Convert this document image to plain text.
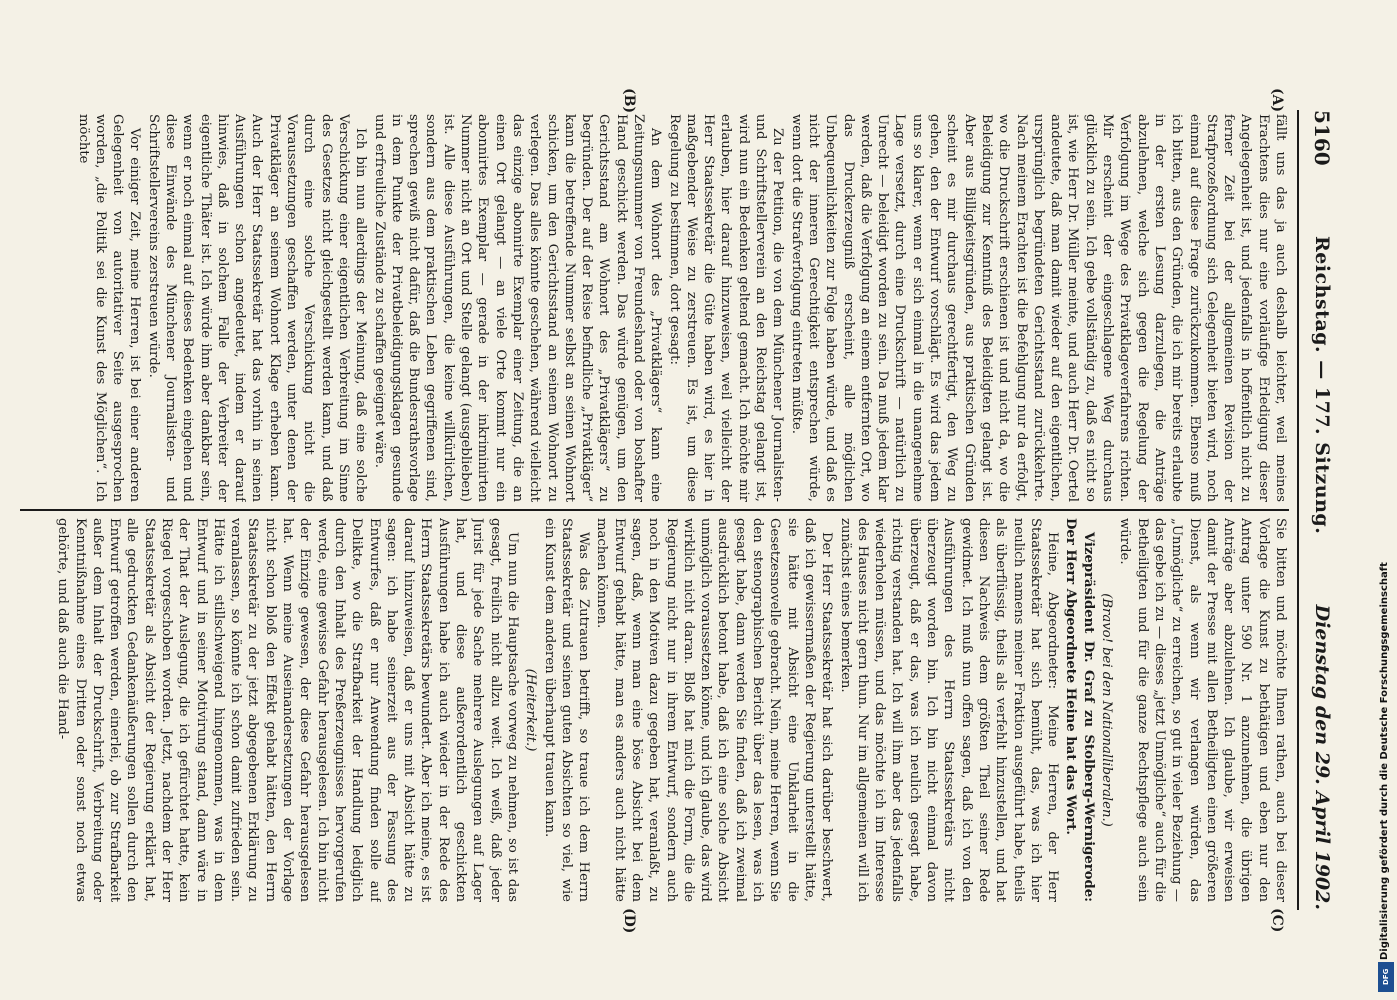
5160
Reichstag. — 177. Sitzung.
Dienstag den 29. April 1902.
(A)
(B)
(C)
(D)

fällt uns das ja auch deshalb leichter, weil meines Erachtens dies nur eine vorläufige Erledigung dieser Angelegenheit ist, und jedenfalls in hoffentlich nicht zu ferner Zeit bei der allgemeinen Revision der Strafprozeßordnung sich Gelegenheit bieten wird, noch einmal auf diese Frage zurückzukommen. Ebenso muß ich bitten, aus den Gründen, die ich mir bereits erlaubte in der ersten Lesung darzulegen, die Anträge abzulehnen, welche sich gegen die Regelung der Verfolgung im Wege des Privatklageverfahrens richten. Mir erscheint der eingeschlagene Weg durchaus glücklich zu sein. Ich gebe vollständig zu, daß es nicht so ist, wie Herr Dr. Müller meinte, und auch Herr Dr. Oertel andeutete, daß man damit wieder auf den eigentlichen, ursprünglich begründeten Gerichtsstand zurückkehrte. Nach meinem Erachten ist die Befehlgung nur da erfolgt, wo die Druckschrift erschienen ist und nicht da, wo die Beleidigung zur Kenntniß des Beleidigten gelangt ist. Aber aus Billigkeitsgründen, aus praktischen Gründen scheint es mir durchaus gerechtfertigt, den Weg zu gehen, den der Entwurf vorschlägt. Es wird das jedem uns so klarer, wenn er sich einmal in die unangenehme Lage versetzt, durch eine Druckschrift — natürlich zu Unrecht — beleidigt worden zu sein. Da muß jedem klar werden, daß die Verfolgung an einem entfernten Ort, wo das Druckerzeugniß erscheint, alle möglichen Unbequemlichkeiten zur Folge haben würde, und daß es nicht der inneren Gerechtigkeit entsprechen würde, wenn dort die Strafverfolgung eintreten müßte.

Zu der Petition, die von dem Münchener Journalisten- und Schriftstellerverein an den Reichstag gelangt ist, wird nun ein Bedenken geltend gemacht. Ich möchte mir erlauben, hier darauf hinzuweisen, weil vielleicht der Herr Staatssekretär die Güte haben wird, es hier in maßgebender Weise zu zerstreuen. Es ist, um diese Regelung zu bestimmen, dort gesagt:

An dem Wohnort des „Privatklägers“ kann eine Zeitungsnummer von Freundeshand oder von boshafter Hand geschickt werden. Das würde genügen, um den Gerichtsstand am Wohnort des „Privatklägers“ zu begründen. Der auf der Reise befindliche „Privatkläger“ kann die betreffende Nummer selbst an seinen Wohnort schicken, um den Gerichtsstand an seinem Wohnort zu verlegen. Das alles könnte geschehen, während vielleicht das einzige abonnirte Exemplar einer Zeitung, die an einen Ort gelangt — an viele Orte kommt nur ein abonnirtes Exemplar — gerade in der inkriminirten Nummer nicht an Ort und Stelle gelangt (ausgeblieben) ist. Alle diese Ausführungen, die keine willkürlichen, sondern aus dem praktischen Leben gegriffenen sind, sprechen gewiß nicht dafür, daß die Bundesrathsvorlage in dem Punkte der Privatbeleidigungsklagen gesunde und erfreuliche Zustände zu schaffen geeignet wäre.

Ich bin nun allerdings der Meinung, daß eine solche Verschickung einer eigentlichen Verbreitung im Sinne des Gesetzes nicht gleichgestellt werden kann, und daß durch eine solche Verschickung nicht die Voraussetzungen geschaffen werden, unter denen der Privatkläger an seinem Wohnort Klage erheben kann. Auch der Herr Staatssekretär hat das vorhin in seinen Ausführungen schon angedeutet, indem er darauf hinwies, daß in solchem Falle der Verbreiter der eigentliche Thäter ist. Ich würde ihm aber dankbar sein, wenn er noch einmal auf dieses Bedenken eingehen und diese Einwände des Münchener Journalisten- und Schriftstellervereins zerstreuen würde.

Vor einiger Zeit, meine Herren, ist bei einer anderen Gelegenheit von autoritativer Seite ausgesprochen worden, „die Politik sei die Kunst des Möglichen“. Ich möchte

Sie bitten und möchte Ihnen rathen, auch bei dieser Vorlage die Kunst zu bethätigen und eben nur den Antrag unter 590 Nr. 1 anzunehmen, die übrigen Anträge aber abzulehnen. Ich glaube, wir erweisen damit der Presse mit allen Betheiligten einen größeren Dienst, als wenn wir verlangen würden, das „Unmögliche“ zu erreichen, so gut in vieler Beziehung — das gebe ich zu — dieses „jetzt Unmögliche“ auch für die Betheiligten und für die ganze Rechtspflege auch sein würde.

(Bravo! bei den Nationalliberalen.)

Vizepräsident Dr. Graf zu Stolberg-Wernigerode: Der Herr Abgeordnete Heine hat das Wort.

Heine, Abgeordneter: Meine Herren, der Herr Staatssekretär hat sich bemüht, das, was ich hier neulich namens meiner Fraktion ausgeführt habe, theils als überflüssig, theils als verfehlt hinzustellen, und hat diesen Nachweis dem größten Theil seiner Rede gewidmet. Ich muß nun offen sagen, daß ich von den Ausführungen des Herrn Staatssekretärs nicht überzeugt worden bin. Ich bin nicht einmal davon überzeugt, daß er das, was ich neulich gesagt habe, richtig verstanden hat. Ich will ihm aber das jedenfalls wiederholen müssen, und das möchte ich im Interesse des Hauses nicht gern thun. Nur im allgemeinen will ich zunächst eines bemerken.

Der Herr Staatssekretär hat sich darüber beschwert, daß ich gewissermaßen der Regierung unterstellt hätte, sie hätte mit Absicht eine Unklarheit in die Gesetzesnovelle gebracht. Nein, meine Herren, wenn Sie den stenographischen Bericht über das lesen, was ich gesagt habe, dann werden Sie finden, daß ich zweimal ausdrücklich betont habe, daß ich eine solche Absicht unmöglich voraussetzen könne, und ich glaube, das wird wirklich nicht daran. Bloß hat mich die Form, die die Regierung nicht nur in ihrem Entwurf, sondern auch noch in den Motiven dazu gegeben hat, veranlaßt, zu sagen, daß, wenn man eine böse Absicht bei dem Entwurf gehabt hätte, man es anders auch nicht hätte machen können.

Was das Zutrauen betrifft, so traue ich dem Herrn Staatssekretär und seinen guten Absichten so viel, wie ein Kunst dem anderen überhaupt trauen kann.

(Heiterkeit.)

Um nun die Hauptsache vorweg zu nehmen, so ist das gesagt, freilich nicht allzu weit. Ich weiß, daß jeder Jurist für jede Sache mehrere Auslegungen auf Lager hat, und diese außerordentlich geschickten Ausführungen habe ich auch wieder in der Rede des Herrn Staatssekretärs bewundert. Aber ich meine, es ist darauf hinzuweisen, daß er uns mit Absicht hätte zu sagen: ich habe seinerzeit aus der Fassung des Entwurfes, daß er nur Anwendung finden solle auf Delikte, wo die Strafbarkeit der Handlung lediglich durch den Inhalt des Preßerzeugnisses hervorgerufen werde, eine gewisse Gefahr herausgelesen. Ich bin nicht der Einzige gewesen, der diese Gefahr herausgelesen hat. Wenn meine Auseinandersetzungen der Vorlage nicht schon bloß den Effekt gehabt hätten, den Herrn Staatssekretär zu der jetzt abgegebenen Erklärung zu veranlassen, so könnte ich schon damit zufrieden sein. Hätte ich stillschweigend hingenommen, was in dem Entwurf und in seiner Motivirung stand, dann wäre in der That der Auslegung, die ich gefürchtet hatte, kein Riegel vorgeschoben worden. Jetzt, nachdem der Herr Staatssekretär als Absicht der Regierung erklärt hat, alle gedruckten Gedankenäußerungen sollen durch den Entwurf getroffen werden, einerlei, ob zur Strafbarkeit außer dem Inhalt der Druckschrift, Verbreitung oder Kenntnißnahme eines Dritten oder sonst noch etwas gehörte, und daß auch die Hand-	Digitalisierung gefördert durch die Deutsche Forschungsgemeinschaft
DFG
